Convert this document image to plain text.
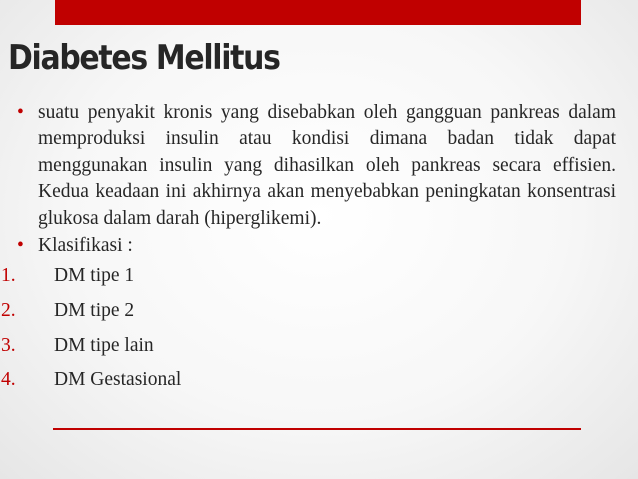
Diabetes Mellitus
• suatu penyakit kronis yang disebabkan oleh gangguan pankreas dalam memproduksi insulin atau kondisi dimana badan tidak dapat menggunakan insulin yang dihasilkan oleh pankreas secara effisien. Kedua keadaan ini akhirnya akan menyebabkan peningkatan konsentrasi glukosa dalam darah (hiperglikemi).
• Klasifikasi :
1. DM tipe 1
2. DM tipe 2
3. DM tipe lain
4. DM Gestasional
